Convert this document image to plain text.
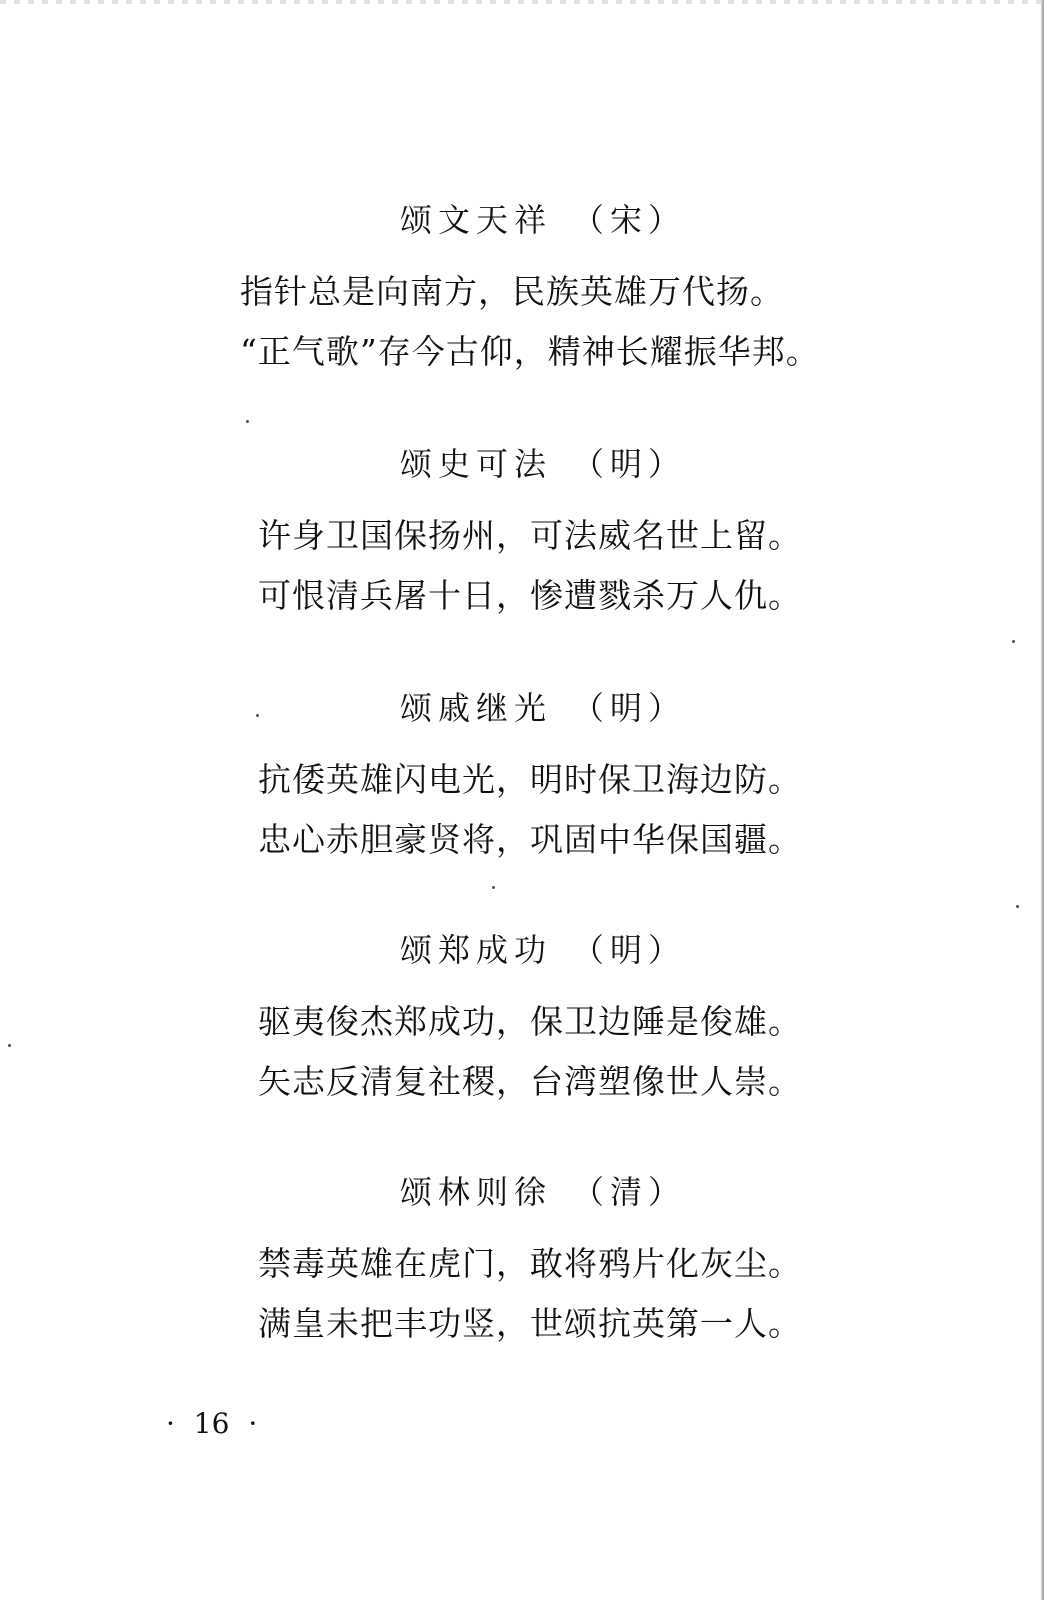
颂文天祥 （宋）
指针总是向南方，民族英雄万代扬。
“正气歌”存今古仰，精神长耀振华邦。
颂史可法 （明）
许身卫国保扬州，可法威名世上留。
可恨清兵屠十日，惨遭戮杀万人仇。
颂戚继光 （明）
抗倭英雄闪电光，明时保卫海边防。
忠心赤胆豪贤将，巩固中华保国疆。
颂郑成功 （明）
驱夷俊杰郑成功，保卫边陲是俊雄。
矢志反清复社稷，台湾塑像世人崇。
颂林则徐 （清）
禁毒英雄在虎门，敢将鸦片化灰尘。
满皇未把丰功竖，世颂抗英第一人。
· 16 ·
